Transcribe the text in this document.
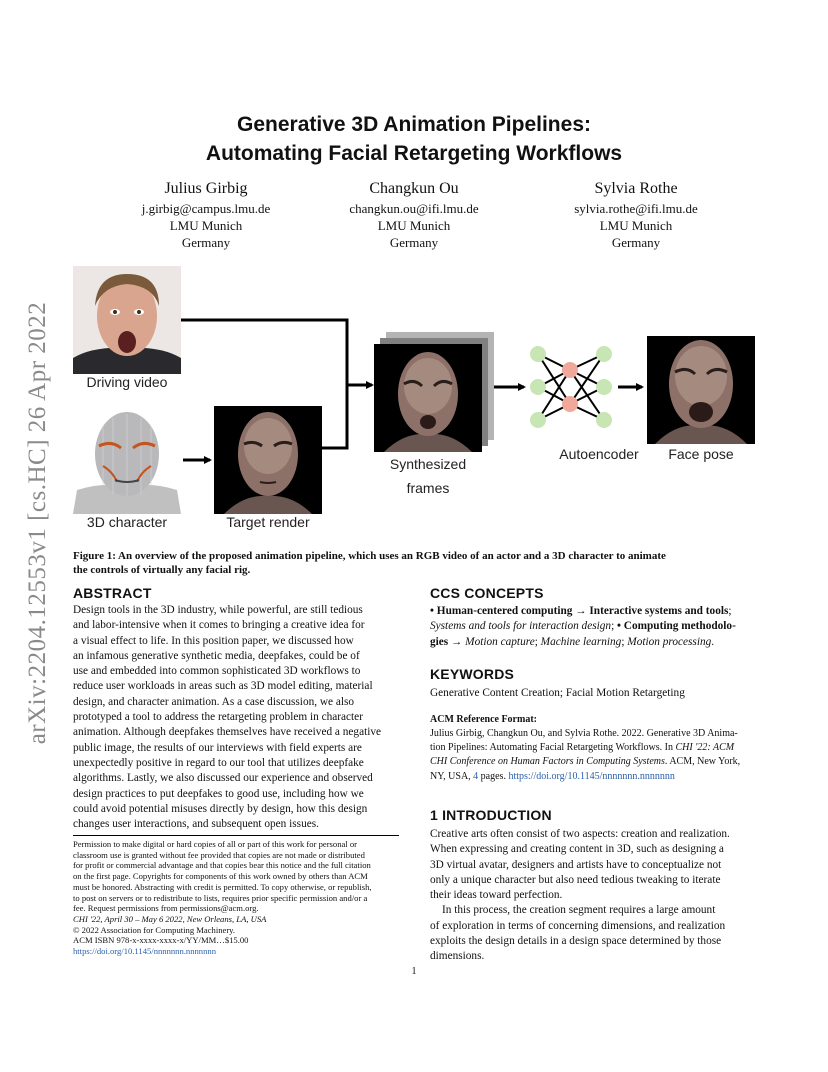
arXiv:2204.12553v1 [cs.HC] 26 Apr 2022
Generative 3D Animation Pipelines:
Automating Facial Retargeting Workflows
Julius Girbig
j.girbig@campus.lmu.de
LMU Munich
Germany
Changkun Ou
changkun.ou@ifi.lmu.de
LMU Munich
Germany
Sylvia Rothe
sylvia.rothe@ifi.lmu.de
LMU Munich
Germany
Driving video
3D character	Target render
Synthesized
frames
Autoencoder	Face pose
Figure 1: An overview of the proposed animation pipeline, which uses an RGB video of an actor and a 3D character to animate
the controls of virtually any facial rig.
ABSTRACT
Design tools in the 3D industry, while powerful, are still tedious
and labor-intensive when it comes to bringing a creative idea for
a visual effect to life. In this position paper, we discussed how
an infamous generative synthetic media, deepfakes, could be of
use and embedded into common sophisticated 3D workflows to
reduce user workloads in areas such as 3D model editing, material
design, and character animation. As a case discussion, we also
prototyped a tool to address the retargeting problem in character
animation. Although deepfakes themselves have received a negative
public image, the results of our interviews with field experts are
unexpectedly positive in regard to our tool that utilizes deepfake
algorithms. Lastly, we also discussed our experience and observed
design practices to put deepfakes to good use, including how we
could avoid potential misuses directly by design, how this design
changes user interactions, and subsequent open issues.
Permission to make digital or hard copies of all or part of this work for personal or
classroom use is granted without fee provided that copies are not made or distributed
for profit or commercial advantage and that copies bear this notice and the full citation
on the first page. Copyrights for components of this work owned by others than ACM
must be honored. Abstracting with credit is permitted. To copy otherwise, or republish,
to post on servers or to redistribute to lists, requires prior specific permission and/or a
fee. Request permissions from permissions@acm.org.
CHI '22, April 30 – May 6 2022, New Orleans, LA, USA
© 2022 Association for Computing Machinery.
ACM ISBN 978-x-xxxx-xxxx-x/YY/MM…$15.00
https://doi.org/10.1145/nnnnnnn.nnnnnnn
CCS CONCEPTS
• Human-centered computing → Interactive systems and tools;
Systems and tools for interaction design; • Computing methodolo-
gies → Motion capture; Machine learning; Motion processing.
KEYWORDS
Generative Content Creation; Facial Motion Retargeting
ACM Reference Format:
Julius Girbig, Changkun Ou, and Sylvia Rothe. 2022. Generative 3D Anima-
tion Pipelines: Automating Facial Retargeting Workflows. In CHI '22: ACM
CHI Conference on Human Factors in Computing Systems. ACM, New York,
NY, USA, 4 pages. https://doi.org/10.1145/nnnnnnn.nnnnnnn
1 INTRODUCTION
Creative arts often consist of two aspects: creation and realization.
When expressing and creating content in 3D, such as designing a
3D virtual avatar, designers and artists have to conceptualize not
only a unique character but also need tedious tweaking to iterate
their ideas toward perfection.
In this process, the creation segment requires a large amount
of exploration in terms of concerning dimensions, and realization
exploits the design details in a design space determined by those
dimensions.
1
